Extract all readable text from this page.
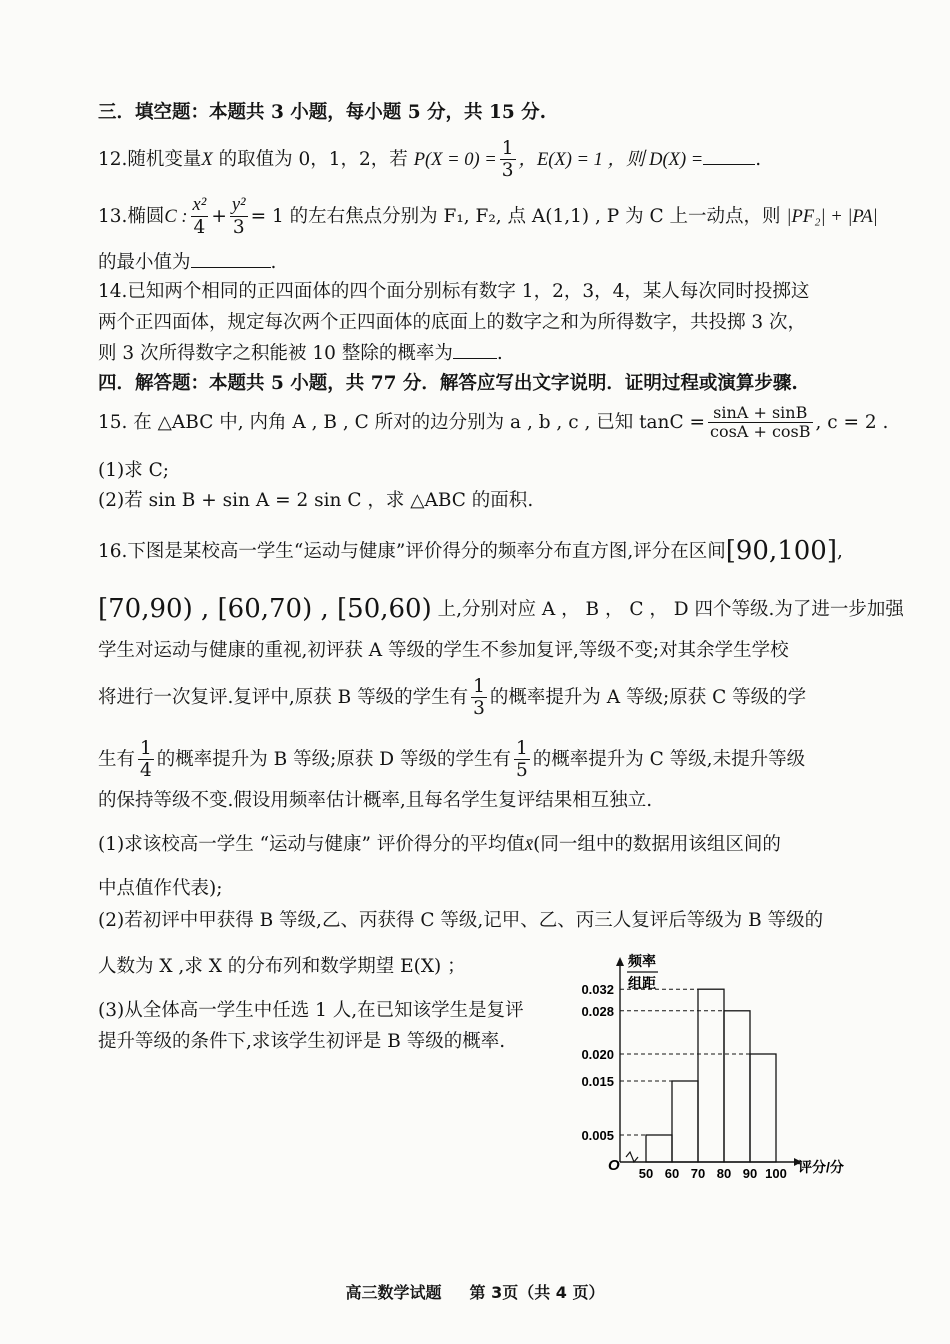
三．填空题：本题共 3 小题，每小题 5 分，共 15 分.
12.随机变量X 的取值为 0，1，2，若 $P(X = 0) = \frac{1}{3}$ ，E(X) = 1 ，则 D(X) =	.
13.椭圆C : $\frac{\text{x²}}{4} + \frac{\text{y²}}{3} = 1$ 的左右焦点分别为 F₁, F₂, 点 A(1,1) , P 为 C 上一动点，则 |PF₂| + |PA|
的最小值为	.
14.已知两个相同的正四面体的四个面分别标有数字 1，2，3，4，某人每次同时投掷这
两个正四面体，规定每次两个正四面体的底面上的数字之和为所得数字，共投掷 3 次，
则 3 次所得数字之积能被 10 整除的概率为 .
四．解答题：本题共 5 小题，共 77 分．解答应写出文字说明．证明过程或演算步骤.
15. 在 △ABC 中, 内角 A , B , C 所对的边分别为 a , b , c , 已知 $\tan C = \frac{\sin A + \sin B}{\cos A + \cos B}$ , c = 2 .
(1)求 C;
(2)若 sin B + sin A = 2 sin C ，求 △ABC 的面积.
16.下图是某校高一学生“运动与健康”评价得分的频率分布直方图,评分在区间[90,100],
[70,90) , [60,70) , [50,60) 上,分别对应 A ， B ， C ， D 四个等级.为了进一步加强
学生对运动与健康的重视,初评获 A 等级的学生不参加复评,等级不变;对其余学生学校
将进行一次复评.复评中,原获 B 等级的学生有 $\frac{1}{3}$ 的概率提升为 A 等级;原获 C 等级的学
生有 $\frac{1}{4}$ 的概率提升为 B 等级;原获 D 等级的学生有 $\frac{1}{5}$ 的概率提升为 C 等级,未提升等级
的保持等级不变.假设用频率估计概率,且每名学生复评结果相互独立.
(1)求该校高一学生 “运动与健康” 评价得分的平均值x̄(同一组中的数据用该组区间的
中点值作代表);
(2)若初评中甲获得 B 等级,乙、丙获得 C 等级,记甲、乙、丙三人复评后等级为 B 等级的
人数为 X ,求 X 的分布列和数学期望 E(X) ；
(3)从全体高一学生中任选 1 人,在已知该学生是复评
提升等级的条件下,求该学生初评是 B 等级的概率.
0.032
0.028
0.020
0.015
0.005
50 60 70 80 90 100
频率
组距
O	评分/分
高三数学试题 第 3页（共 4 页）
